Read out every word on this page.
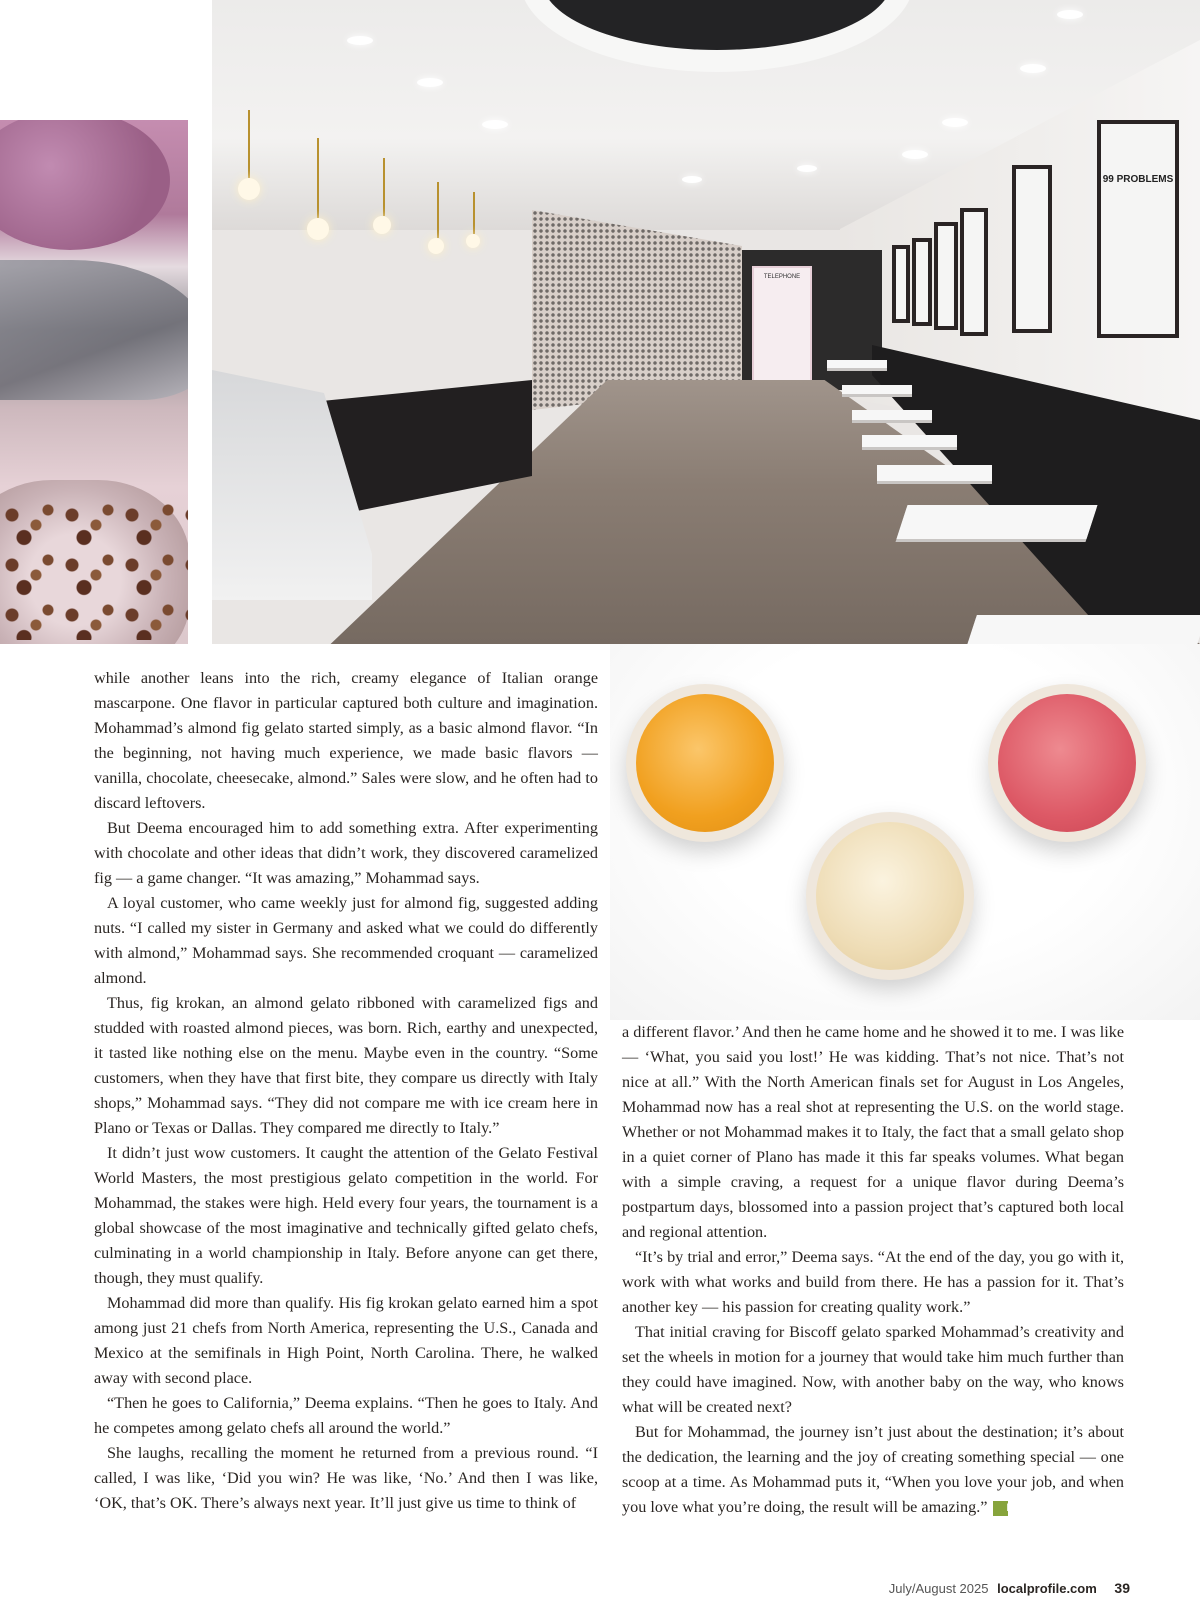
TELEPHONE
99 PROBLEMS

while another leans into the rich, creamy elegance of Italian orange mascarpone. One flavor in particular captured both culture and imagination. Mohammad’s almond fig gelato started simply, as a basic almond flavor. “In the beginning, not having much experience, we made basic flavors — vanilla, chocolate, cheesecake, almond.” Sales were slow, and he often had to discard leftovers.

But Deema encouraged him to add something extra. After experimenting with chocolate and other ideas that didn’t work, they discovered caramelized fig — a game changer. “It was amazing,” Mohammad says.

A loyal customer, who came weekly just for almond fig, suggested adding nuts. “I called my sister in Germany and asked what we could do differently with almond,” Mohammad says. She recommended croquant — caramelized almond.

Thus, fig krokan, an almond gelato ribboned with caramelized figs and studded with roasted almond pieces, was born. Rich, earthy and unexpected, it tasted like nothing else on the menu. Maybe even in the country. “Some customers, when they have that first bite, they compare us directly with Italy shops,” Mohammad says. “They did not compare me with ice cream here in Plano or Texas or Dallas. They compared me directly to Italy.”

It didn’t just wow customers. It caught the attention of the Gelato Festival World Masters, the most prestigious gelato competition in the world. For Mohammad, the stakes were high. Held every four years, the tournament is a global showcase of the most imaginative and technically gifted gelato chefs, culminating in a world championship in Italy. Before anyone can get there, though, they must qualify.

Mohammad did more than qualify. His fig krokan gelato earned him a spot among just 21 chefs from North America, representing the U.S., Canada and Mexico at the semifinals in High Point, North Carolina. There, he walked away with second place.

“Then he goes to California,” Deema explains. “Then he goes to Italy. And he competes among gelato chefs all around the world.”

She laughs, recalling the moment he returned from a previous round. “I called, I was like, ‘Did you win? He was like, ‘No.’ And then I was like, ‘OK, that’s OK. There’s always next year. It’ll just give us time to think of

a different flavor.’ And then he came home and he showed it to me. I was like — ‘What, you said you lost!’ He was kidding. That’s not nice. That’s not nice at all.” With the North American finals set for August in Los Angeles, Mohammad now has a real shot at representing the U.S. on the world stage. Whether or not Mohammad makes it to Italy, the fact that a small gelato shop in a quiet corner of Plano has made it this far speaks volumes. What began with a simple craving, a request for a unique flavor during Deema’s postpartum days, blossomed into a passion project that’s captured both local and regional attention.

“It’s by trial and error,” Deema says. “At the end of the day, you go with it, work with what works and build from there. He has a passion for it. That’s another key — his passion for creating quality work.”

That initial craving for Biscoff gelato sparked Mohammad’s creativity and set the wheels in motion for a journey that would take him much further than they could have imagined. Now, with another baby on the way, who knows what will be created next?

But for Mohammad, the journey isn’t just about the destination; it’s about the dedication, the learning and the joy of creating something special — one scoop at a time. As Mohammad puts it, “When you love your job, and when you love what you’re doing, the result will be amazing.” lp

July/August 2025 localprofile.com 39
